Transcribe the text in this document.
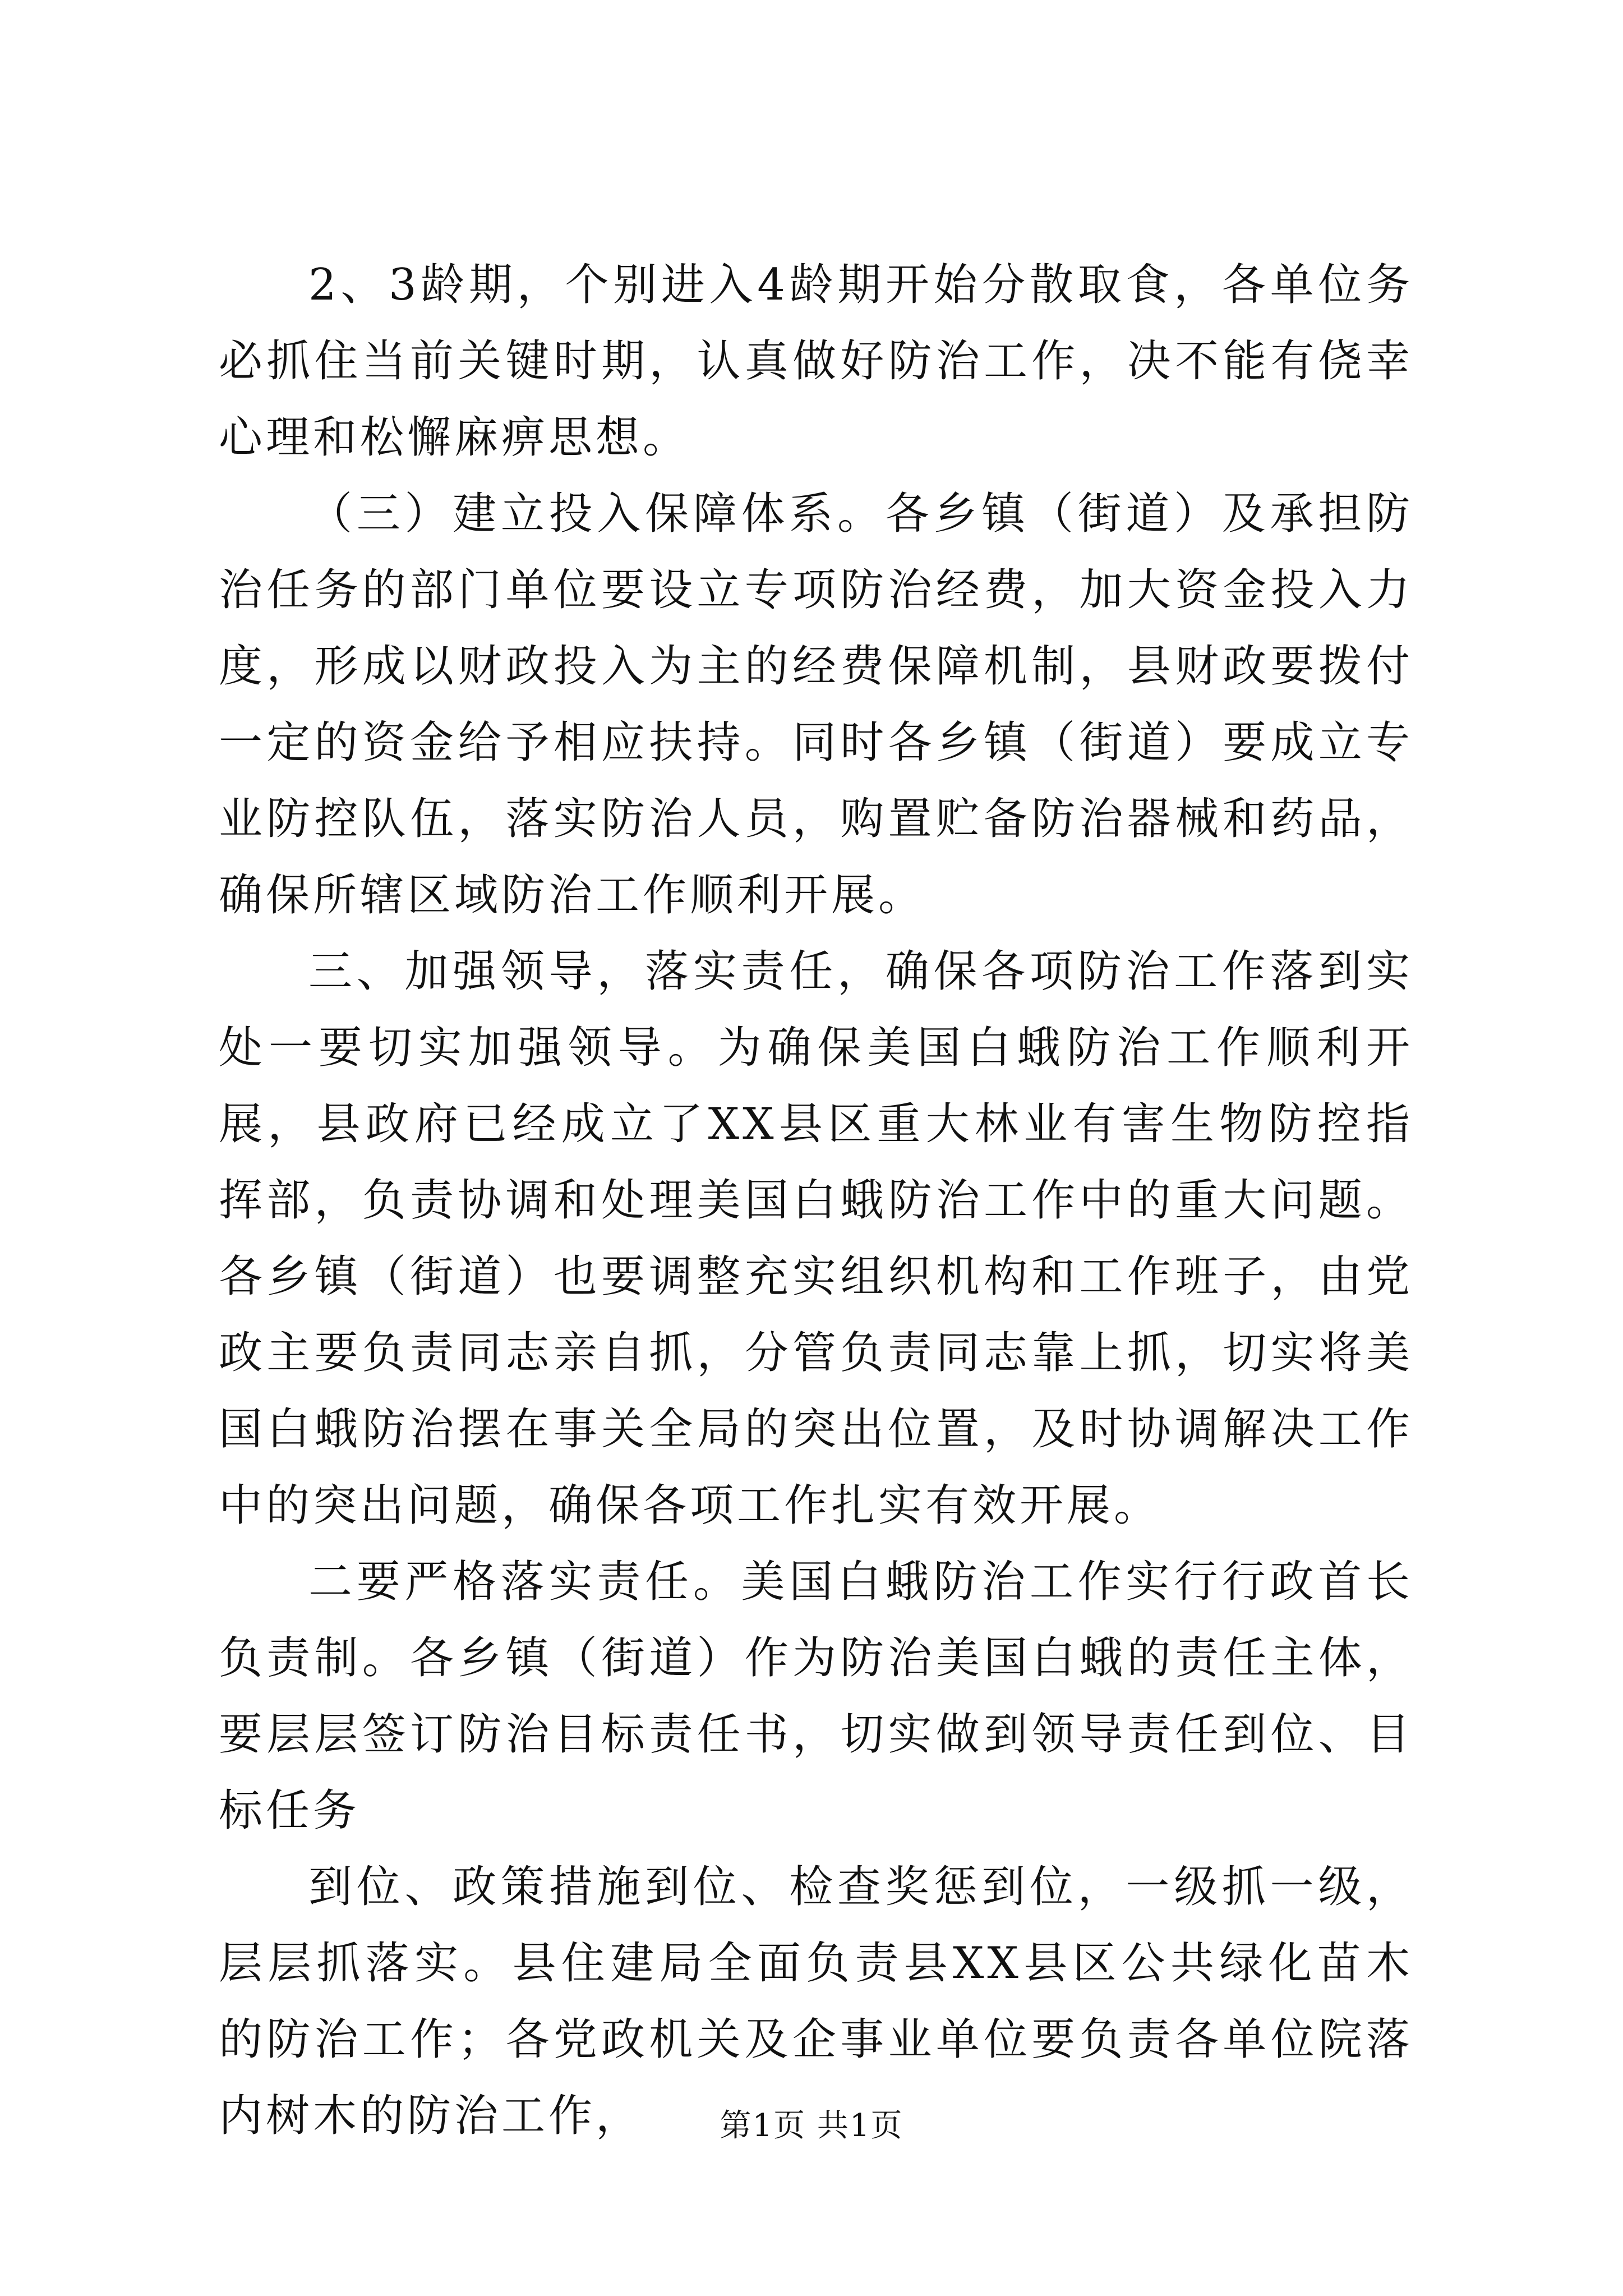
2、3龄期，个别进入4龄期开始分散取食，各单位务必抓住当前关键时期，认真做好防治工作，决不能有侥幸心理和松懈麻痹思想。

（三）建立投入保障体系。各乡镇（街道）及承担防治任务的部门单位要设立专项防治经费，加大资金投入力度，形成以财政投入为主的经费保障机制，县财政要拨付一定的资金给予相应扶持。同时各乡镇（街道）要成立专业防控队伍，落实防治人员，购置贮备防治器械和药品，确保所辖区域防治工作顺利开展。

三、加强领导，落实责任，确保各项防治工作落到实处一要切实加强领导。为确保美国白蛾防治工作顺利开展，县政府已经成立了XX县区重大林业有害生物防控指挥部，负责协调和处理美国白蛾防治工作中的重大问题。各乡镇（街道）也要调整充实组织机构和工作班子，由党政主要负责同志亲自抓，分管负责同志靠上抓，切实将美国白蛾防治摆在事关全局的突出位置，及时协调解决工作中的突出问题，确保各项工作扎实有效开展。

二要严格落实责任。美国白蛾防治工作实行行政首长负责制。各乡镇（街道）作为防治美国白蛾的责任主体，要层层签订防治目标责任书，切实做到领导责任到位、目标任务

到位、政策措施到位、检查奖惩到位，一级抓一级，层层抓落实。县住建局全面负责县XX县区公共绿化苗木的防治工作；各党政机关及企事业单位要负责各单位院落内树木的防治工作，	第1页 共1页
